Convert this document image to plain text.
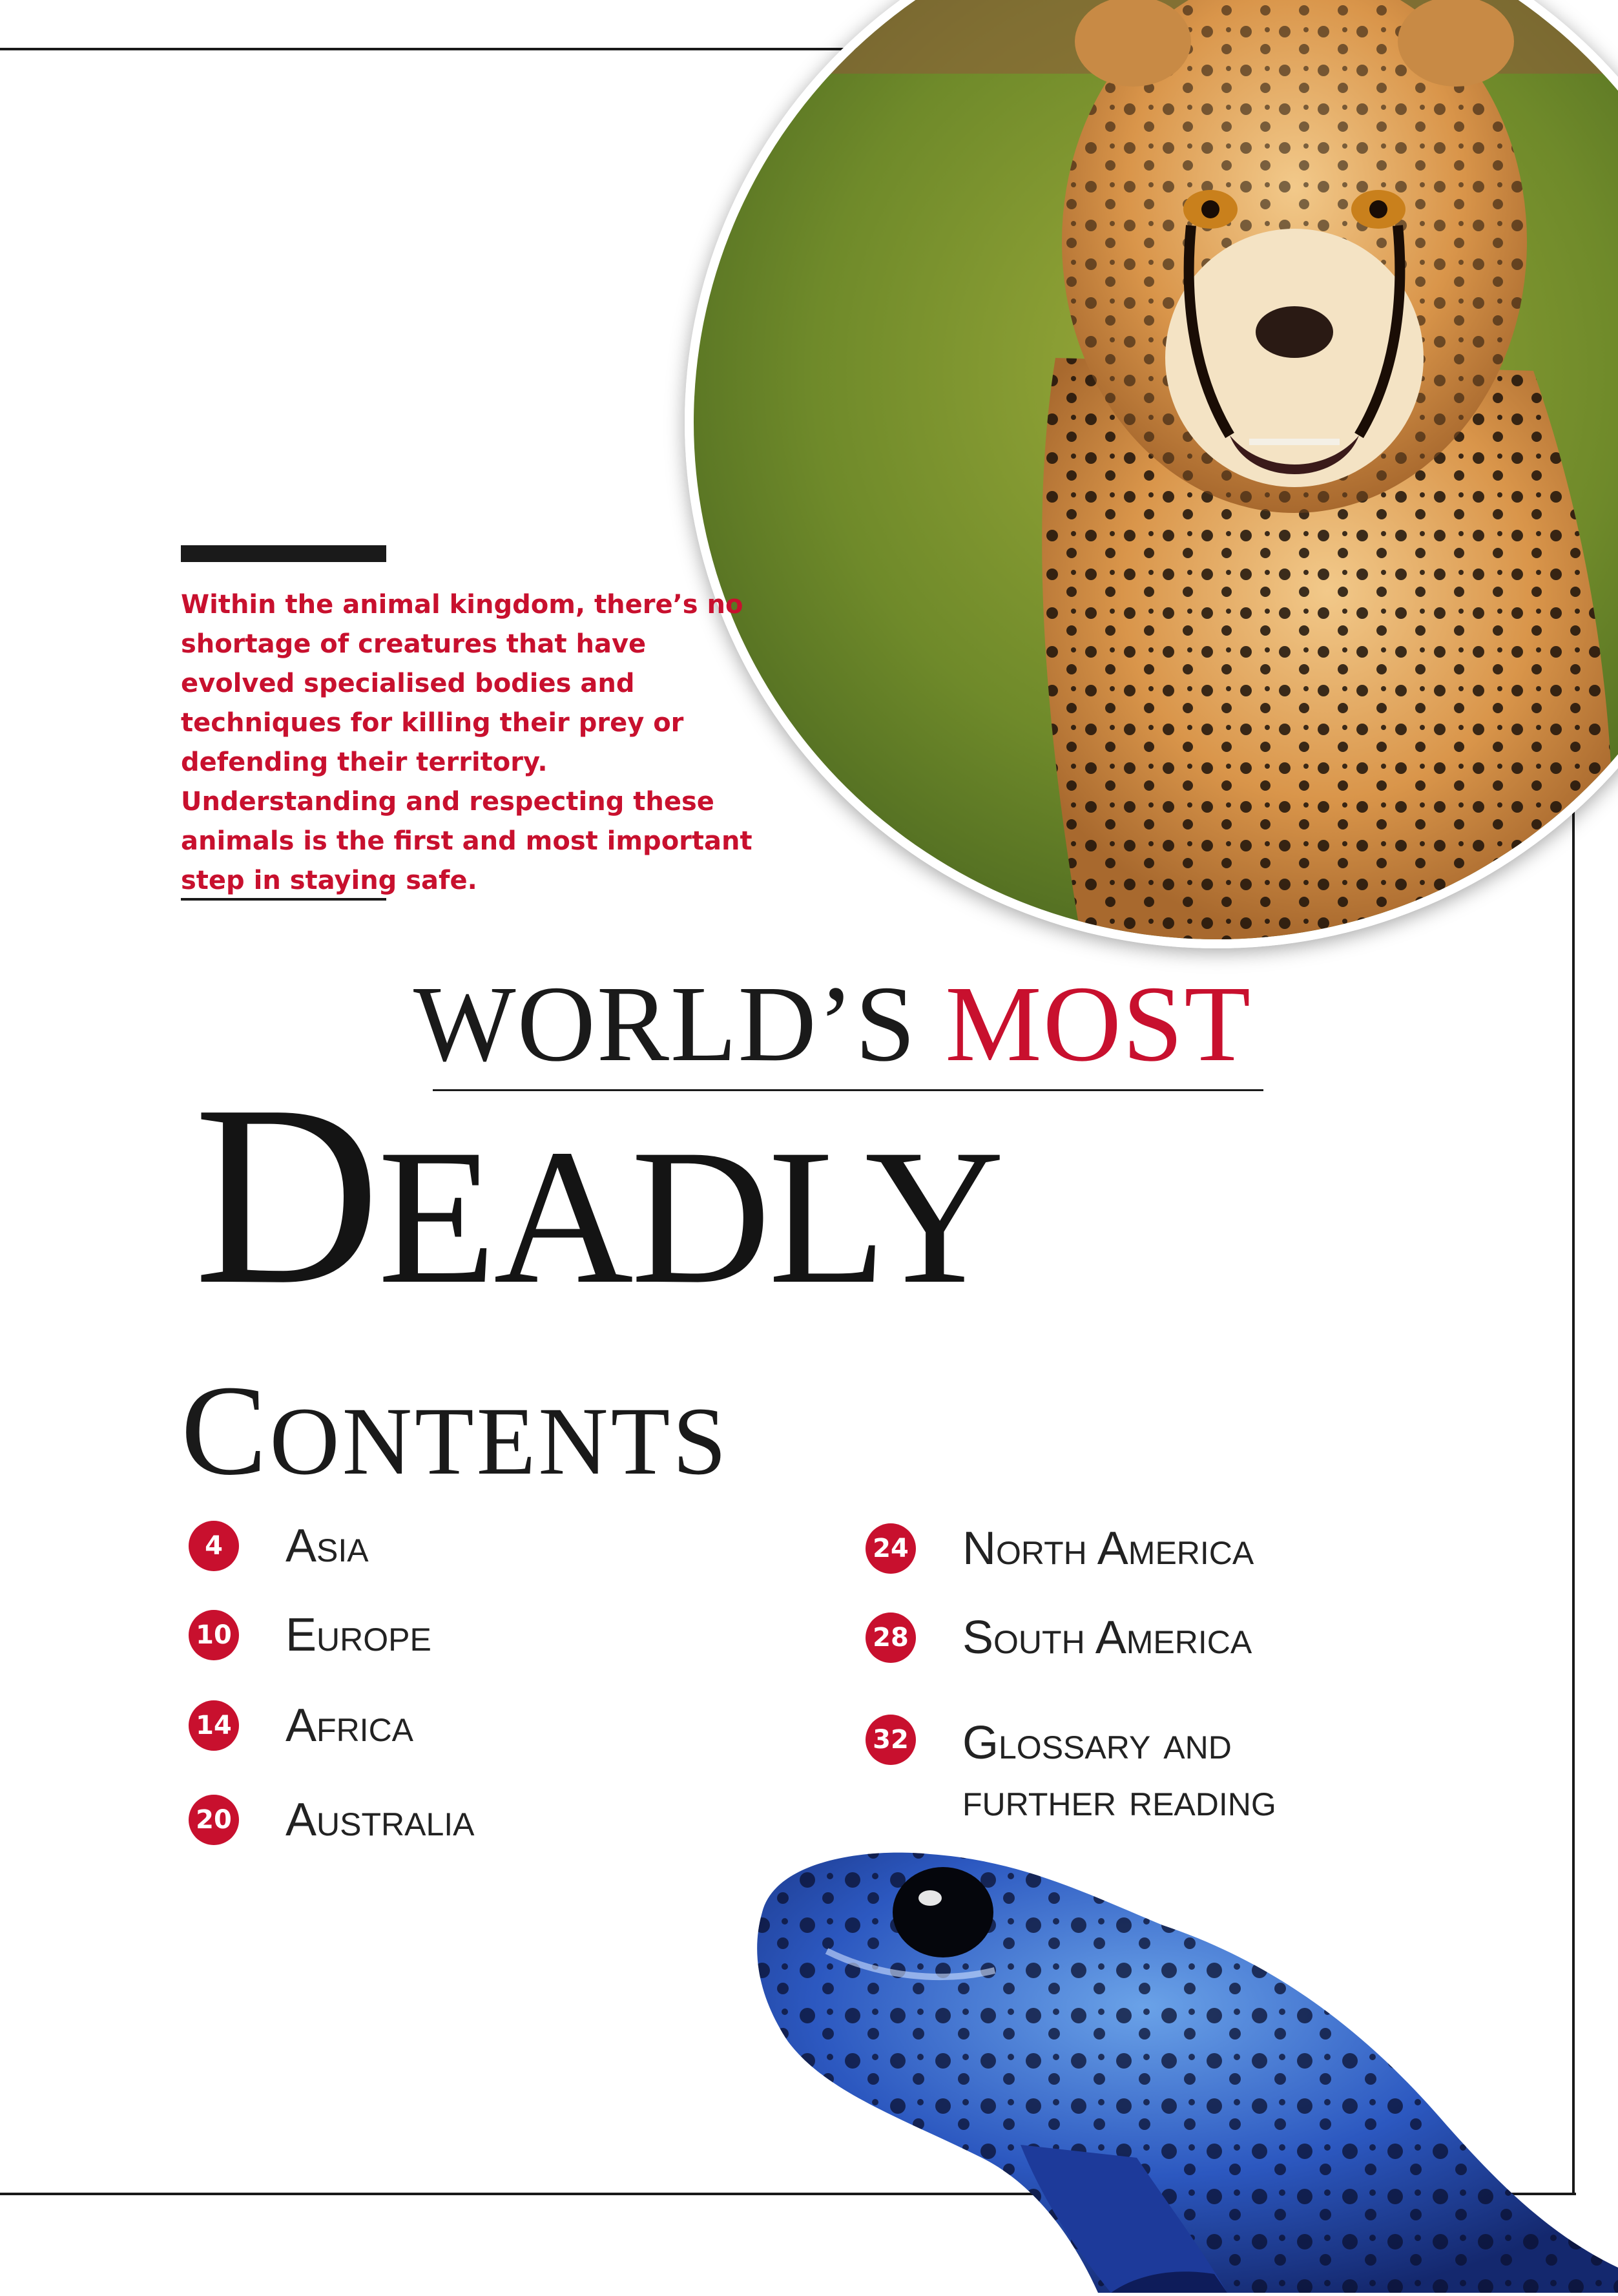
Within the animal kingdom, there’s no shortage of creatures that have evolved specialised bodies and techniques for killing their prey or defending their territory. Understanding and respecting these animals is the first and most important step in staying safe.

WORLD’S MOST
DEADLY
CONTENTS
4	Asia
10 Europe
14 Africa
20 Australia
24 North America
28 South America
32 Glossary and further reading
